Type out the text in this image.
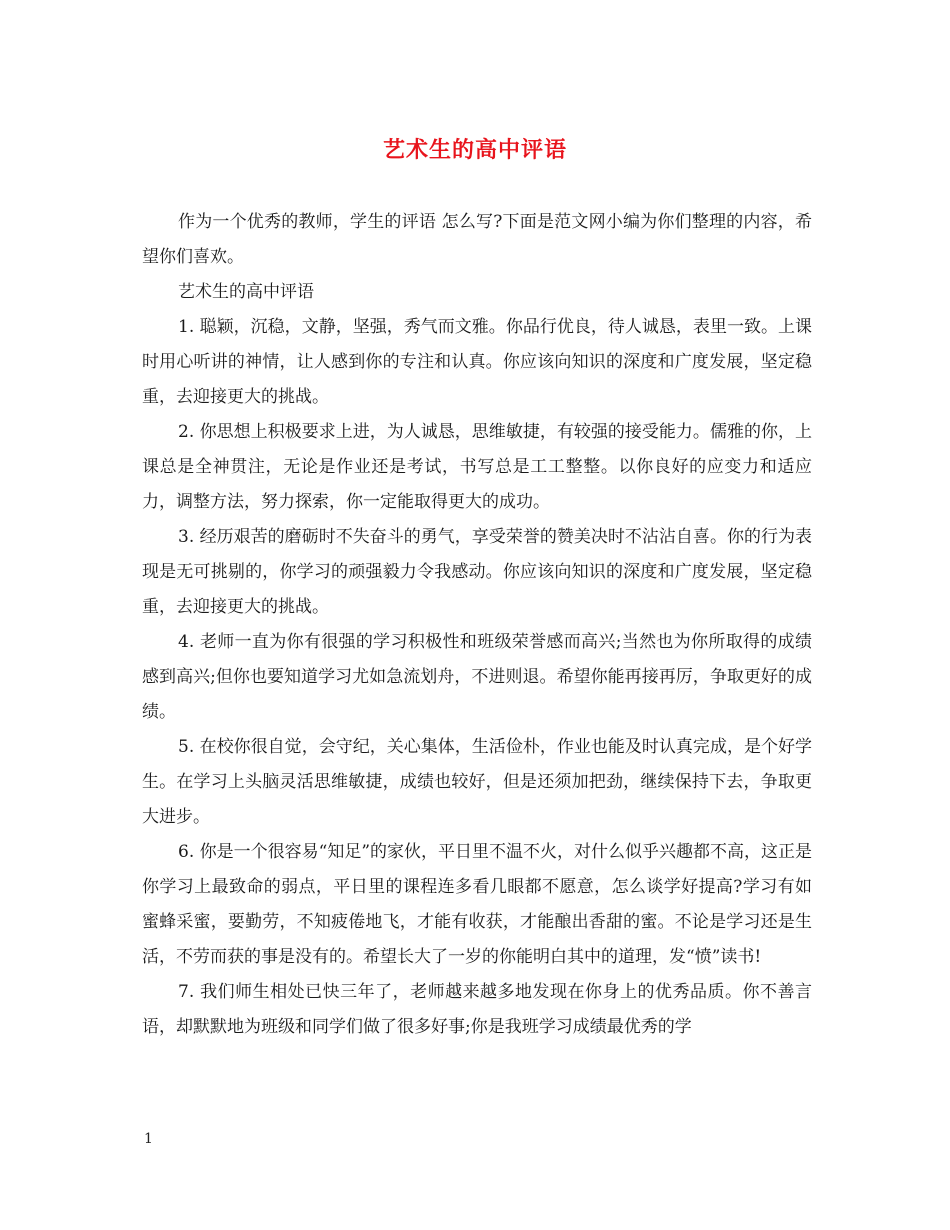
艺术生的高中评语

作为一个优秀的教师，学生的评语 怎么写?下面是范文网小编为你们整理的内容，希望你们喜欢。

艺术生的高中评语

1. 聪颖，沉稳，文静，坚强，秀气而文雅。你品行优良，待人诚恳，表里一致。上课时用心听讲的神情，让人感到你的专注和认真。你应该向知识的深度和广度发展，坚定稳重，去迎接更大的挑战。

2. 你思想上积极要求上进，为人诚恳，思维敏捷，有较强的接受能力。儒雅的你，上课总是全神贯注，无论是作业还是考试，书写总是工工整整。以你良好的应变力和适应力，调整方法，努力探索，你一定能取得更大的成功。

3. 经历艰苦的磨砺时不失奋斗的勇气，享受荣誉的赞美决时不沾沾自喜。你的行为表现是无可挑剔的，你学习的顽强毅力令我感动。你应该向知识的深度和广度发展，坚定稳重，去迎接更大的挑战。

4. 老师一直为你有很强的学习积极性和班级荣誉感而高兴;当然也为你所取得的成绩感到高兴;但你也要知道学习尤如急流划舟，不进则退。希望你能再接再厉，争取更好的成绩。

5. 在校你很自觉，会守纪，关心集体，生活俭朴，作业也能及时认真完成，是个好学生。在学习上头脑灵活思维敏捷，成绩也较好，但是还须加把劲，继续保持下去，争取更大进步。

6. 你是一个很容易“知足”的家伙，平日里不温不火，对什么似乎兴趣都不高，这正是你学习上最致命的弱点，平日里的课程连多看几眼都不愿意，怎么谈学好提高?学习有如蜜蜂采蜜，要勤劳，不知疲倦地飞，才能有收获，才能酿出香甜的蜜。不论是学习还是生活，不劳而获的事是没有的。希望长大了一岁的你能明白其中的道理，发“愤”读书!

7. 我们师生相处已快三年了，老师越来越多地发现在你身上的优秀品质。你不善言语，却默默地为班级和同学们做了很多好事;你是我班学习成绩最优秀的学

1
